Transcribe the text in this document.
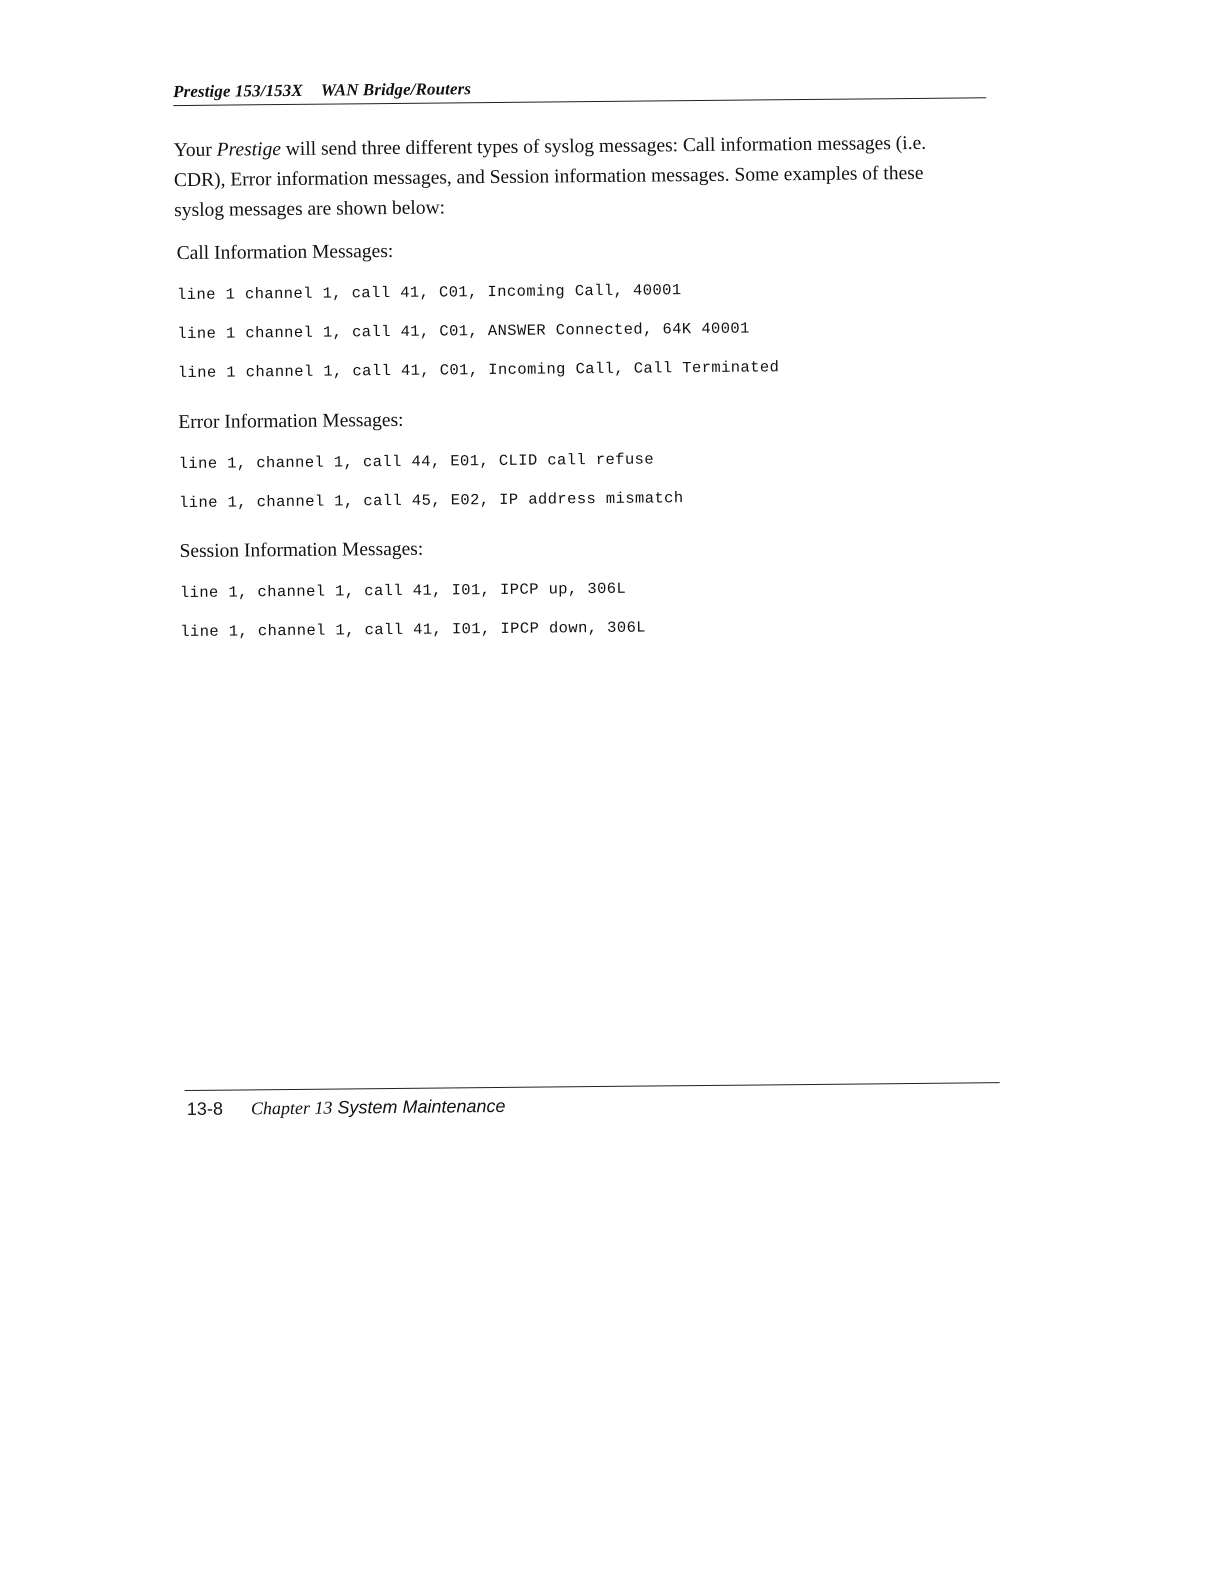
Prestige 153/153X WAN Bridge/Routers

Your Prestige will send three different types of syslog messages: Call information messages (i.e. CDR), Error information messages, and Session information messages. Some examples of these syslog messages are shown below:

Call Information Messages:
line 1 channel 1, call 41, C01, Incoming Call, 40001
line 1 channel 1, call 41, C01, ANSWER Connected, 64K 40001
line 1 channel 1, call 41, C01, Incoming Call, Call Terminated
Error Information Messages:
line 1, channel 1, call 44, E01, CLID call refuse
line 1, channel 1, call 45, E02, IP address mismatch
Session Information Messages:
line 1, channel 1, call 41, I01, IPCP up, 306L
line 1, channel 1, call 41, I01, IPCP down, 306L
13-8 Chapter 13 System Maintenance
